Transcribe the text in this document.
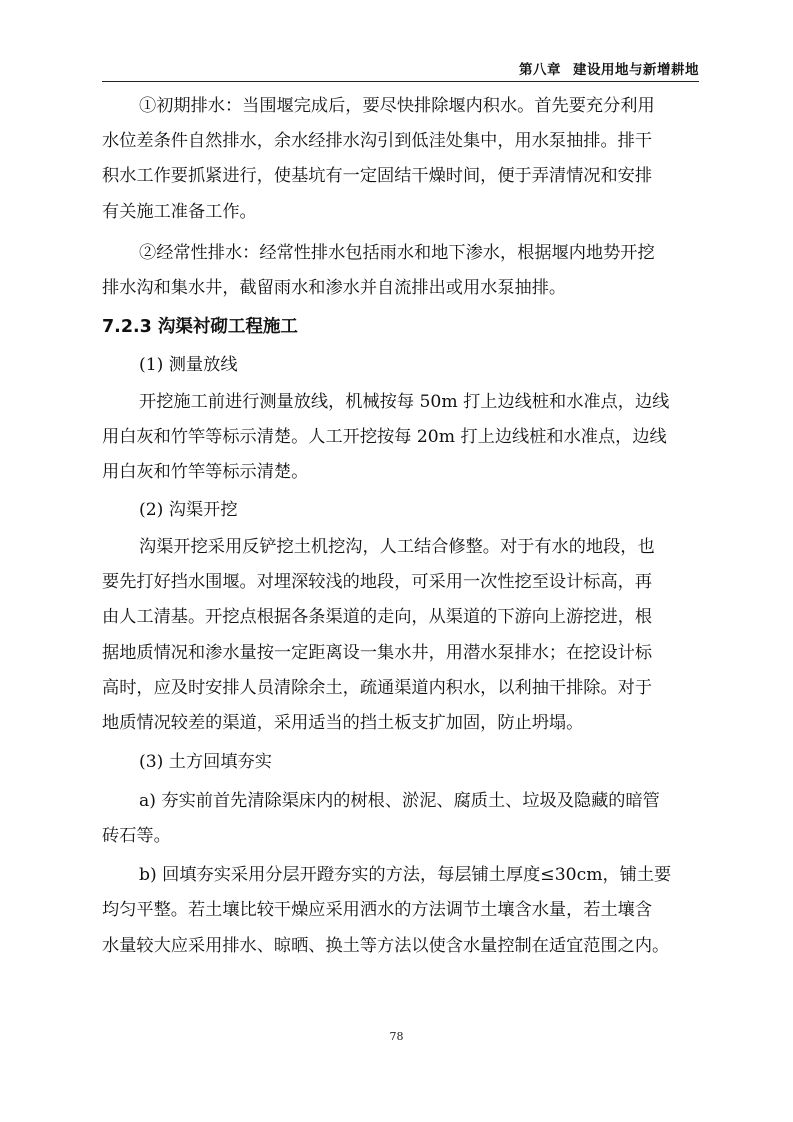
第八章 建设用地与新增耕地
①初期排水：当围堰完成后，要尽快排除堰内积水。首先要充分利用
水位差条件自然排水，余水经排水沟引到低洼处集中，用水泵抽排。排干
积水工作要抓紧进行，使基坑有一定固结干燥时间，便于弄清情况和安排
有关施工准备工作。
②经常性排水：经常性排水包括雨水和地下渗水，根据堰内地势开挖
排水沟和集水井，截留雨水和渗水并自流排出或用水泵抽排。
7.2.3 沟渠衬砌工程施工
(1) 测量放线
开挖施工前进行测量放线，机械按每 50m 打上边线桩和水准点，边线
用白灰和竹竿等标示清楚。人工开挖按每 20m 打上边线桩和水准点，边线
用白灰和竹竿等标示清楚。
(2) 沟渠开挖
沟渠开挖采用反铲挖土机挖沟，人工结合修整。对于有水的地段，也
要先打好挡水围堰。对埋深较浅的地段，可采用一次性挖至设计标高，再
由人工清基。开挖点根据各条渠道的走向，从渠道的下游向上游挖进，根
据地质情况和渗水量按一定距离设一集水井，用潜水泵排水；在挖设计标
高时，应及时安排人员清除余土，疏通渠道内积水，以利抽干排除。对于
地质情况较差的渠道，采用适当的挡土板支扩加固，防止坍塌。
(3) 土方回填夯实
a) 夯实前首先清除渠床内的树根、淤泥、腐质土、垃圾及隐藏的暗管
砖石等。
b) 回填夯实采用分层开蹬夯实的方法，每层铺土厚度≤30cm，铺土要
均匀平整。若土壤比较干燥应采用洒水的方法调节土壤含水量，若土壤含
水量较大应采用排水、晾晒、换土等方法以使含水量控制在适宜范围之内。
78
